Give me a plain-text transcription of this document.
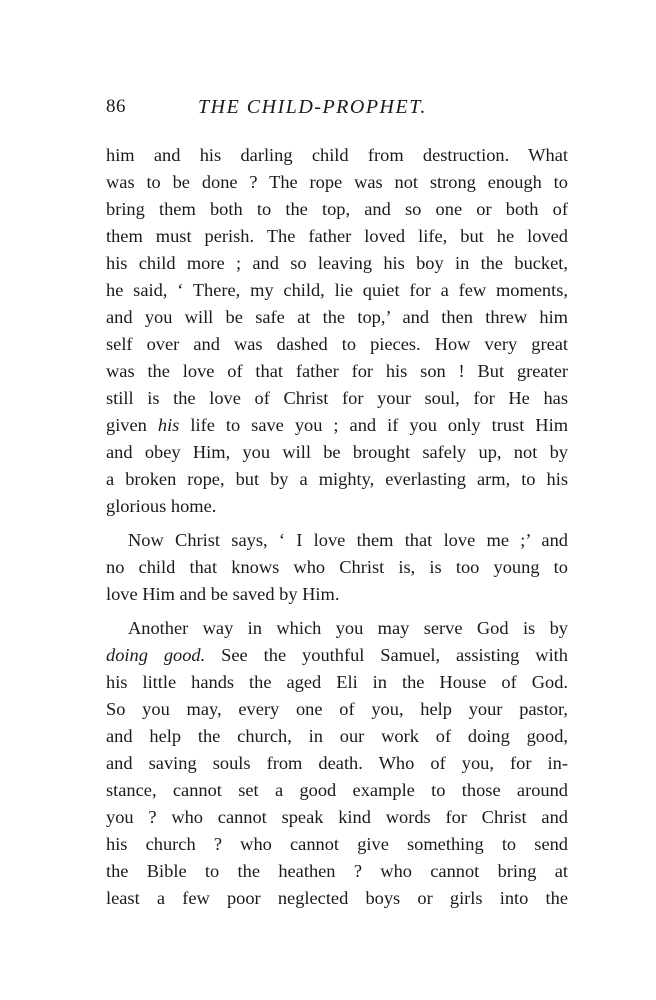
86	THE CHILD-PROPHET.
him and his darling child from destruction. What
was to be done ? The rope was not strong enough to
bring them both to the top, and so one or both of
them must perish. The father loved life, but he loved
his child more ; and so leaving his boy in the bucket,
he said, ‘ There, my child, lie quiet for a few moments,
and you will be safe at the top,’ and then threw him
self over and was dashed to pieces. How very great
was the love of that father for his son ! But greater
still is the love of Christ for your soul, for He has
given his life to save you ; and if you only trust Him
and obey Him, you will be brought safely up, not by
a broken rope, but by a mighty, everlasting arm, to his
glorious home.
Now Christ says, ‘ I love them that love me ;’ and
no child that knows who Christ is, is too young to
love Him and be saved by Him.
Another way in which you may serve God is by
doing good. See the youthful Samuel, assisting with
his little hands the aged Eli in the House of God.
So you may, every one of you, help your pastor,
and help the church, in our work of doing good,
and saving souls from death. Who of you, for in-
stance, cannot set a good example to those around
you ? who cannot speak kind words for Christ and
his church ? who cannot give something to send
the Bible to the heathen ? who cannot bring at
least a few poor neglected boys or girls into the
